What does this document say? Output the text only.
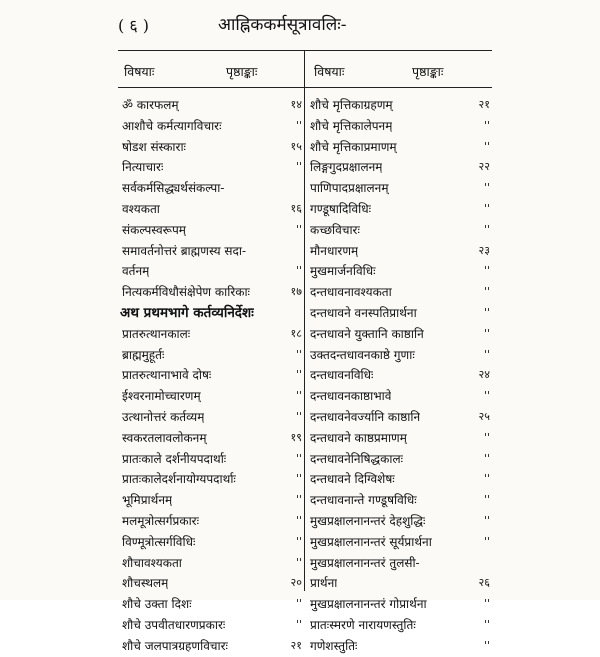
( ६ )	आह्निककर्मसूत्रावलिः-
विषयाः	पृष्ठाङ्काः	विषयाः	पृष्ठाङ्काः
ॐ कारफलम्	१४
आशौचे कर्मत्यागविचारः	''
षोडश संस्काराः	१५
नित्याचारः	''
सर्वकर्मसिद्ध्यर्थसंकल्पा-
वश्यकता	१६
संकल्पस्वरूपम्	''
समावर्तनोत्तरं ब्राह्मणस्य सदा-
वर्तनम्	''
नित्यकर्मविधौसंक्षेपेण कारिकाः	१७
अथ प्रथमभागे कर्तव्यनिर्देशः
प्रातरुत्थानकालः	१८
ब्राह्ममुहूर्तः	''
प्रातरुत्थानाभावे दोषः	''
ईश्वरनामोच्चारणम्	''
उत्थानोत्तरं कर्तव्यम्	''
स्वकरतलावलोकनम्	१९
प्रातःकाले दर्शनीयपदार्थाः	''
प्रातःकालेदर्शनायोग्यपदार्थाः	''
भूमिप्रार्थनम्	''
मलमूत्रोत्सर्गप्रकारः	''
विण्मूत्रोत्सर्गविधिः	''
शौचावश्यकता	''
शौचस्थलम्	२०
शौचे उक्ता दिशः	''
शौचे उपवीतधारणप्रकारः	''
शौचे जलपात्रग्रहणविचारः	२१
शौचे मृत्तिकाग्रहणम्	२१
शौचे मृत्तिकालेपनम्	''
शौचे मृत्तिकाप्रमाणम्	''
लिङ्गगुदप्रक्षालनम्	२२
पाणिपादप्रक्षालनम्	''
गण्डूषादिविधिः	''
कच्छविचारः	''
मौनधारणम्	२३
मुखमार्जनविधिः	''
दन्तधावनावश्यकता	''
दन्तधावने वनस्पतिप्रार्थना	''
दन्तधावने युक्तानि काष्ठानि	''
उक्तदन्तधावनकाष्ठे गुणाः	''
दन्तधावनविधिः	२४
दन्तधावनकाष्ठाभावे	''
दन्तधावनेवर्ज्यानि काष्ठानि	२५
दन्तधावने काष्ठप्रमाणम्	''
दन्तधावनेनिषिद्धकालः	''
दन्तधावने दिग्विशेषः	''
दन्तधावनान्ते गण्डूषविधिः	''
मुखप्रक्षालनानन्तरं देहशुद्धिः	''
मुखप्रक्षालनानन्तरं सूर्यप्रार्थना	''
मुखप्रक्षालनानन्तरं तुलसी-
प्रार्थना	२६
मुखप्रक्षालनानन्तरं गोप्रार्थना	''
प्रातःस्मरणे नारायणस्तुतिः	''
गणेशस्तुतिः	''
